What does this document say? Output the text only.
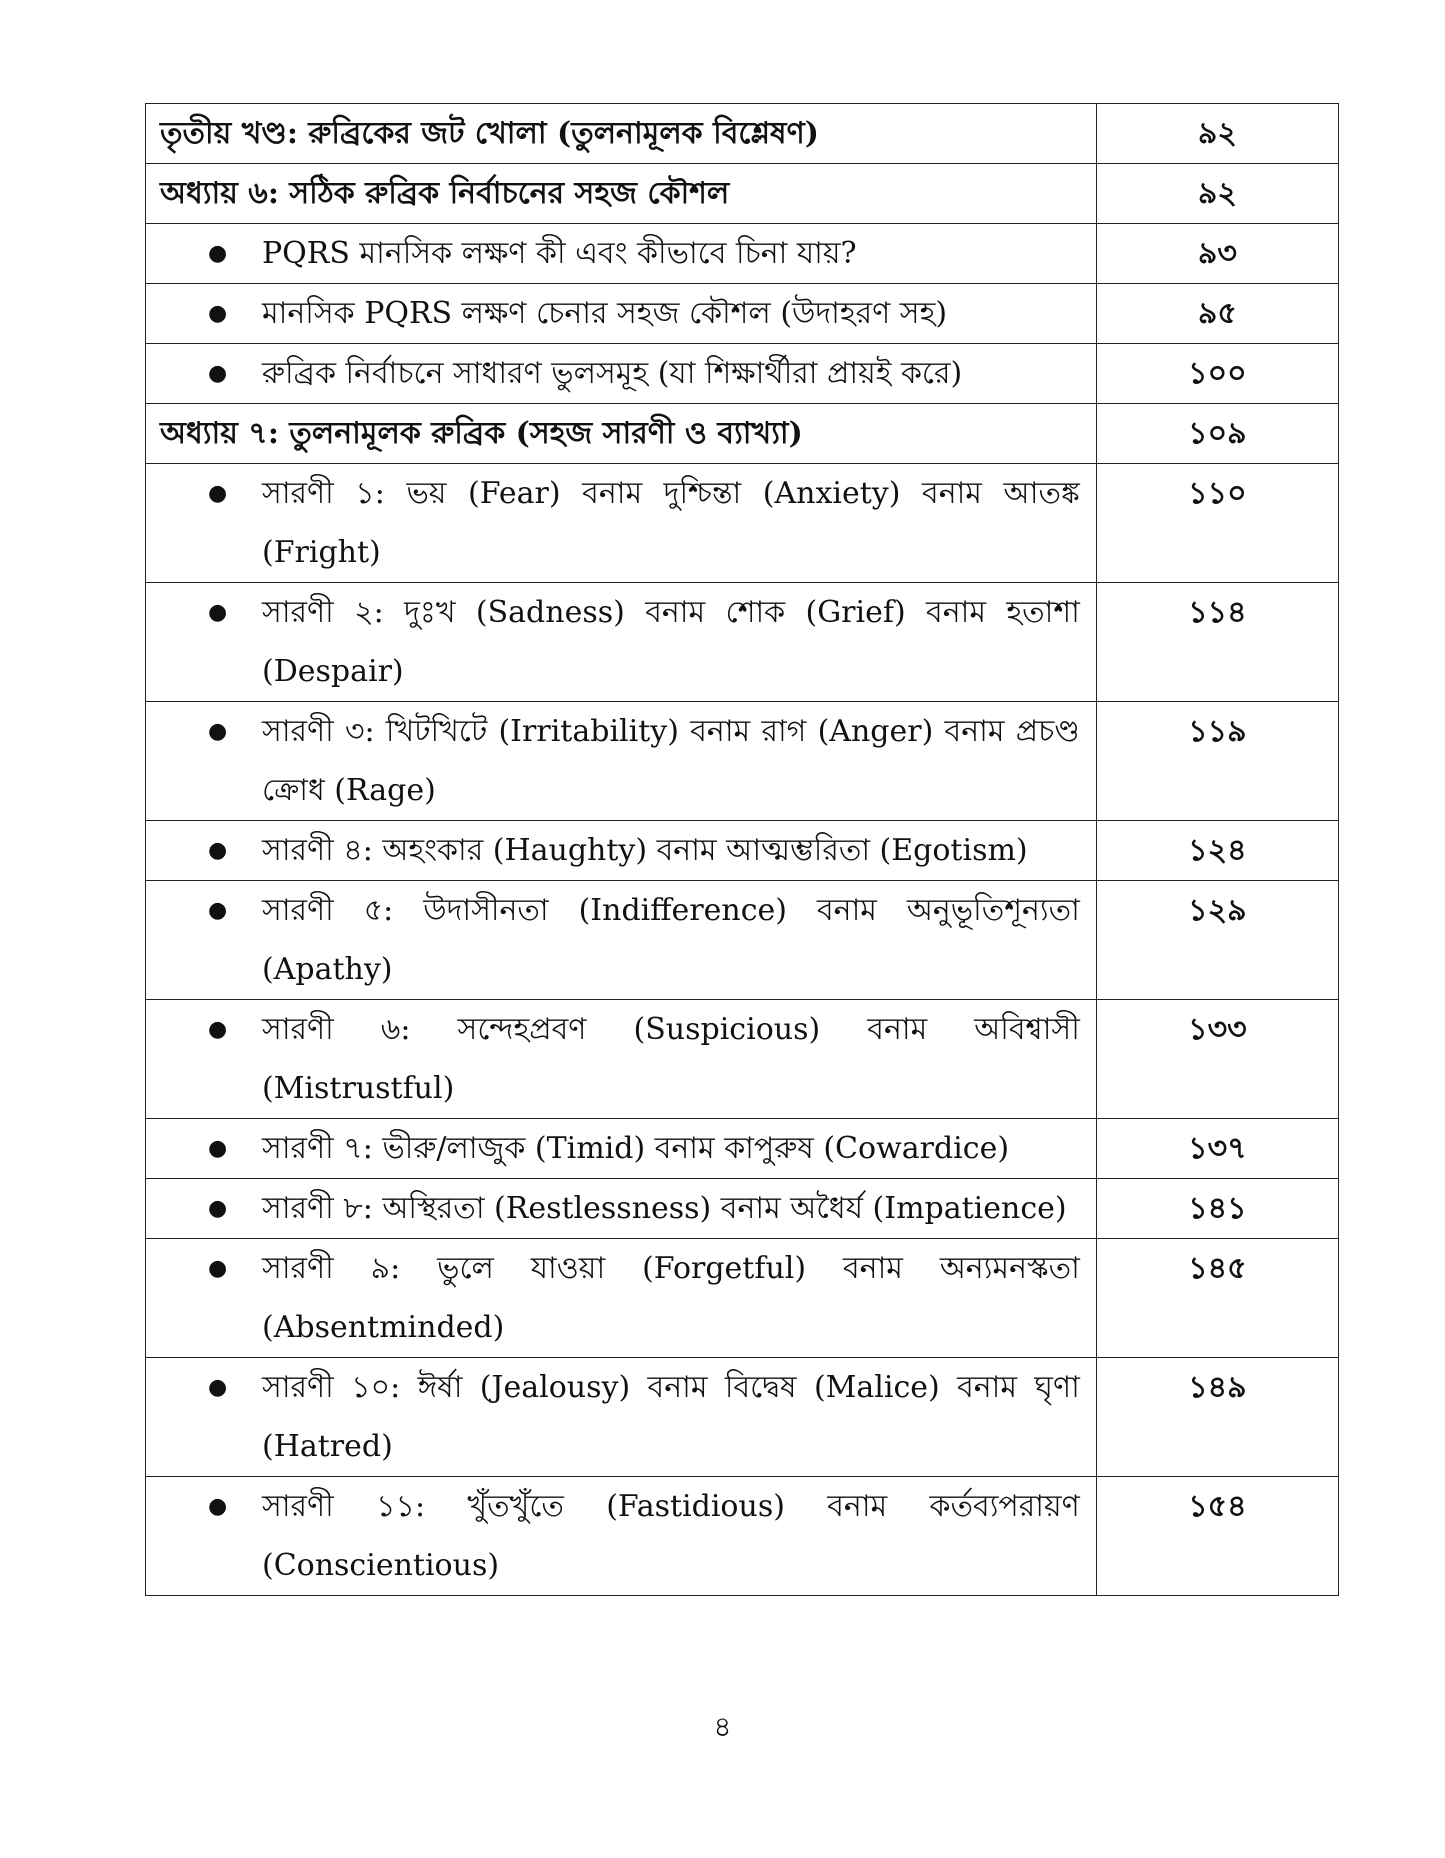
তৃতীয় খণ্ড: রুব্রিকের জট খোলা (তুলনামূলক বিশ্লেষণ)	৯২
অধ্যায় ৬: সঠিক রুব্রিক নির্বাচনের সহজ কৌশল	৯২

● PQRS মানসিক লক্ষণ কী এবং কীভাবে চিনা যায়?	৯৩

● মানসিক PQRS লক্ষণ চেনার সহজ কৌশল (উদাহরণ সহ)	৯৫

● রুব্রিক নির্বাচনে সাধারণ ভুলসমূহ (যা শিক্ষার্থীরা প্রায়ই করে)	১০০
অধ্যায় ৭: তুলনামূলক রুব্রিক (সহজ সারণী ও ব্যাখ্যা)	১০৯

● সারণী ১: ভয় (Fear) বনাম দুশ্চিন্তা (Anxiety) বনাম আতঙ্ক (Fright)	১১০

● সারণী ২: দুঃখ (Sadness) বনাম শোক (Grief) বনাম হতাশা (Despair)	১১৪

● সারণী ৩: খিটখিটে (Irritability) বনাম রাগ (Anger) বনাম প্রচণ্ড ক্রোধ (Rage)	১১৯

● সারণী ৪: অহংকার (Haughty) বনাম আত্মম্ভরিতা (Egotism)	১২৪

● সারণী ৫: উদাসীনতা (Indifference) বনাম অনুভূতিশূন্যতা (Apathy)	১২৯

● সারণী ৬: সন্দেহপ্রবণ (Suspicious) বনাম অবিশ্বাসী (Mistrustful)	১৩৩

● সারণী ৭: ভীরু/লাজুক (Timid) বনাম কাপুরুষ (Cowardice)	১৩৭

● সারণী ৮: অস্থিরতা (Restlessness) বনাম অধৈর্য (Impatience)	১৪১

● সারণী ৯: ভুলে যাওয়া (Forgetful) বনাম অন্যমনস্কতা (Absentminded)	১৪৫

● সারণী ১০: ঈর্ষা (Jealousy) বনাম বিদ্বেষ (Malice) বনাম ঘৃণা (Hatred)	১৪৯

● সারণী ১১: খুঁতখুঁতে (Fastidious) বনাম কর্তব্যপরায়ণ (Conscientious)	১৫৪
৪
